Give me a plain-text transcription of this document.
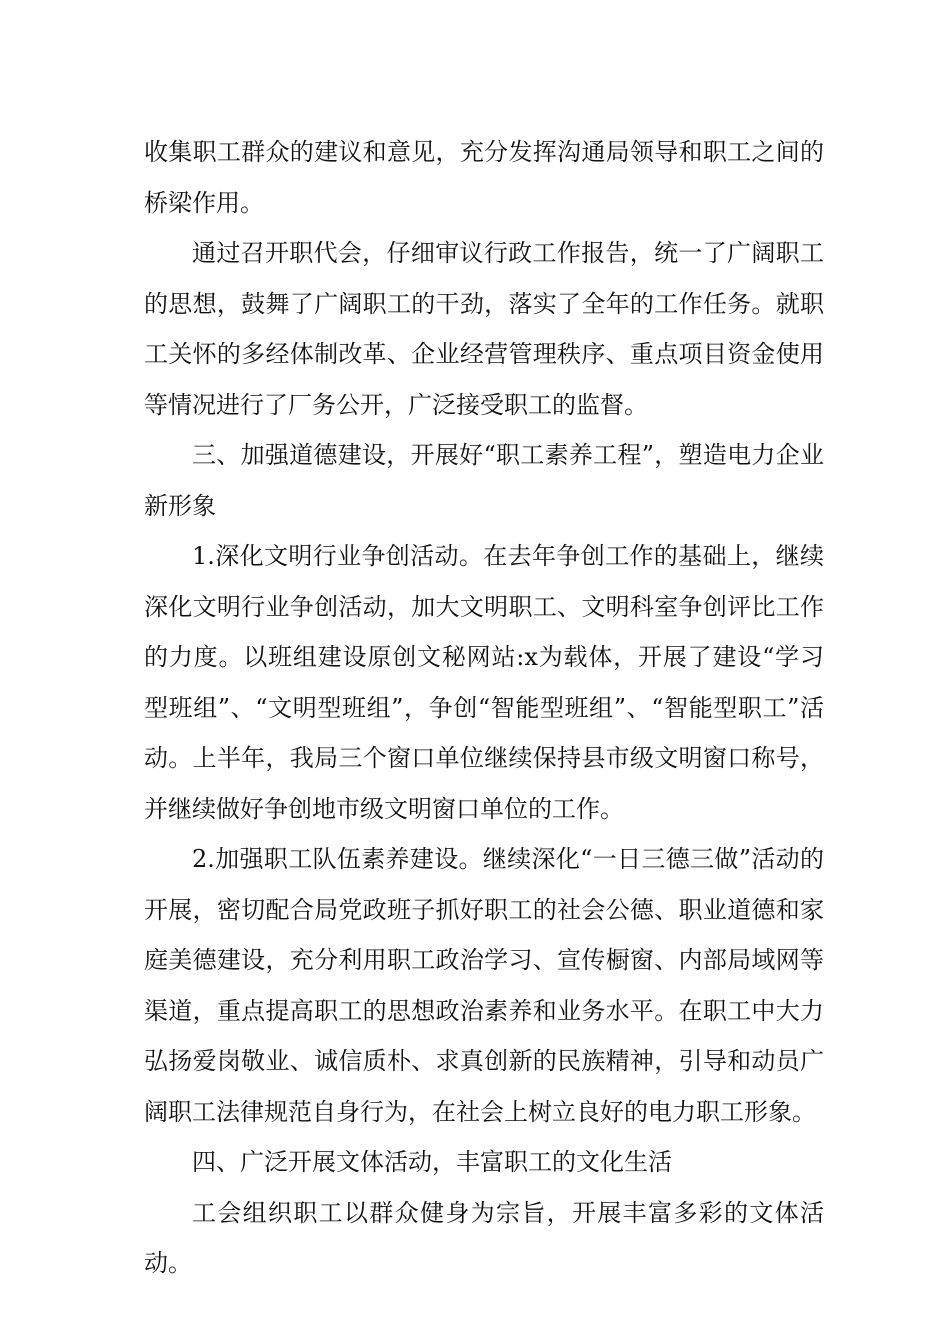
收集职工群众的建议和意见，充分发挥沟通局领导和职工之间的桥梁作用。

通过召开职代会，仔细审议行政工作报告，统一了广阔职工的思想，鼓舞了广阔职工的干劲，落实了全年的工作任务。就职工关怀的多经体制改革、企业经营管理秩序、重点项目资金使用等情况进行了厂务公开，广泛接受职工的监督。

三、加强道德建设，开展好“职工素养工程”，塑造电力企业新形象

1.深化文明行业争创活动。在去年争创工作的基础上，继续深化文明行业争创活动，加大文明职工、文明科室争创评比工作的力度。以班组建设原创文秘网站:x为载体，开展了建设“学习型班组”、“文明型班组”，争创“智能型班组”、“智能型职工”活动。上半年，我局三个窗口单位继续保持县市级文明窗口称号，并继续做好争创地市级文明窗口单位的工作。

2.加强职工队伍素养建设。继续深化“一日三德三做”活动的开展，密切配合局党政班子抓好职工的社会公德、职业道德和家庭美德建设，充分利用职工政治学习、宣传橱窗、内部局域网等渠道，重点提高职工的思想政治素养和业务水平。在职工中大力弘扬爱岗敬业、诚信质朴、求真创新的民族精神，引导和动员广阔职工法律规范自身行为，在社会上树立良好的电力职工形象。

四、广泛开展文体活动，丰富职工的文化生活

工会组织职工以群众健身为宗旨，开展丰富多彩的文体活动。
